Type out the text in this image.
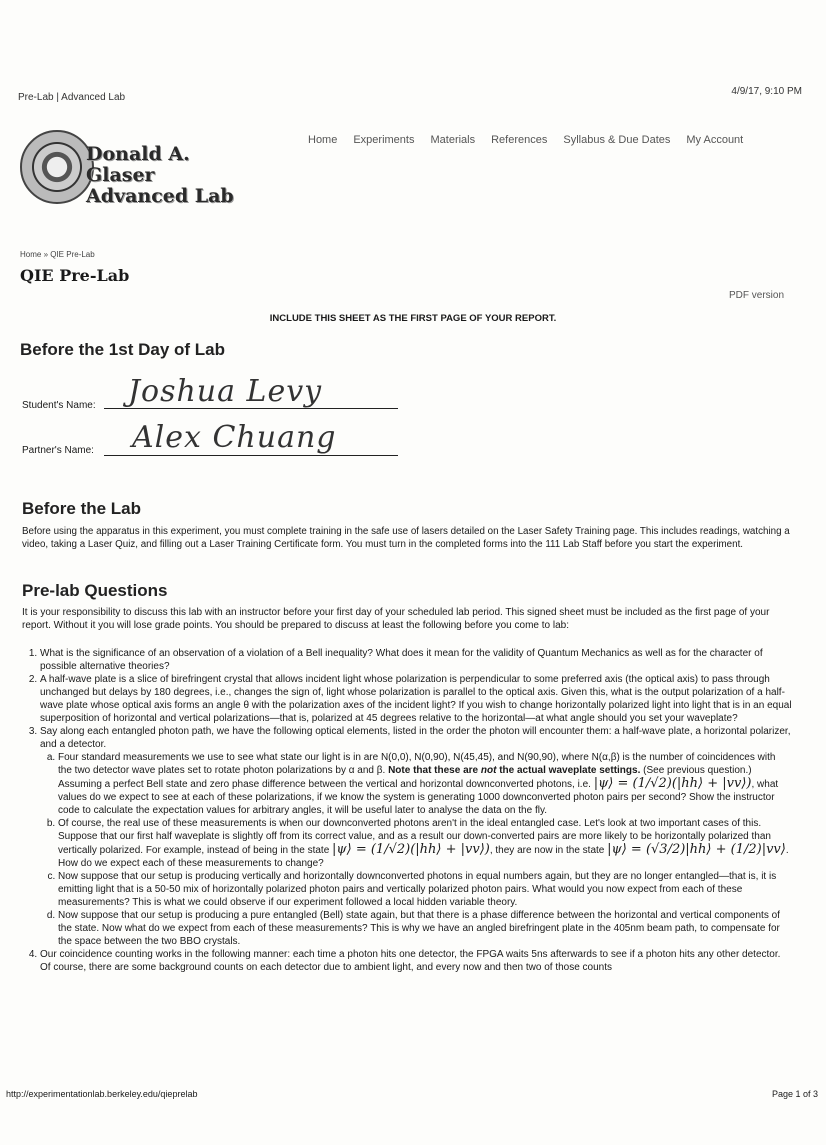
Pre-Lab | Advanced Lab
4/9/17, 9:10 PM
Donald A. Glaser
Advanced Lab
Home Experiments Materials References Syllabus & Due Dates My Account
Home » QIE Pre-Lab
QIE Pre-Lab
PDF version
INCLUDE THIS SHEET AS THE FIRST PAGE OF YOUR REPORT.
Before the 1st Day of Lab
Student's Name: Joshua Levy
Partner's Name: Alex Chuang
Before the Lab
Before using the apparatus in this experiment, you must complete training in the safe use of lasers detailed on the Laser Safety Training page. This includes readings, watching a video, taking a Laser Quiz, and filling out a Laser Training Certificate form. You must turn in the completed forms into the 111 Lab Staff before you start the experiment.
Pre-lab Questions
It is your responsibility to discuss this lab with an instructor before your first day of your scheduled lab period. This signed sheet must be included as the first page of your report. Without it you will lose grade points. You should be prepared to discuss at least the following before you come to lab:
1. What is the significance of an observation of a violation of a Bell inequality? What does it mean for the validity of Quantum Mechanics as well as for the character of possible alternative theories?
2. A half-wave plate is a slice of birefringent crystal that allows incident light whose polarization is perpendicular to some preferred axis (the optical axis) to pass through unchanged but delays by 180 degrees, i.e., changes the sign of, light whose polarization is parallel to the optical axis. Given this, what is the output polarization of a half-wave plate whose optical axis forms an angle θ with the polarization axes of the incident light? If you wish to change horizontally polarized light into light that is in an equal superposition of horizontal and vertical polarizations—that is, polarized at 45 degrees relative to the horizontal—at what angle should you set your waveplate?
3. Say along each entangled photon path, we have the following optical elements, listed in the order the photon will encounter them: a half-wave plate, a horizontal polarizer, and a detector.
a. Four standard measurements we use to see what state our light is in are N(0,0), N(0,90), N(45,45), and N(90,90), where N(α,β) is the number of coincidences with the two detector wave plates set to rotate photon polarizations by α and β. Note that these are not the actual waveplate settings. (See previous question.) Assuming a perfect Bell state and zero phase difference between the vertical and horizontal downconverted photons, i.e. |ψ⟩ = (1/√2)(|hh⟩ + |vv⟩), what values do we expect to see at each of these polarizations, if we know the system is generating 1000 downconverted photon pairs per second? Show the instructor code to calculate the expectation values for arbitrary angles, it will be useful later to analyse the data on the fly.
b. Of course, the real use of these measurements is when our downconverted photons aren't in the ideal entangled case. Let's look at two important cases of this. Suppose that our first half waveplate is slightly off from its correct value, and as a result our down-converted pairs are more likely to be horizontally polarized than vertically polarized. For example, instead of being in the state |ψ⟩ = (1/√2)(|hh⟩ + |vv⟩), they are now in the state |ψ⟩ = (√3/2)|hh⟩ + (1/2)|vv⟩. How do we expect each of these measurements to change?
c. Now suppose that our setup is producing vertically and horizontally downconverted photons in equal numbers again, but they are no longer entangled—that is, it is emitting light that is a 50-50 mix of horizontally polarized photon pairs and vertically polarized photon pairs. What would you now expect from each of these measurements? This is what we could observe if our experiment followed a local hidden variable theory.
d. Now suppose that our setup is producing a pure entangled (Bell) state again, but that there is a phase difference between the horizontal and vertical components of the state. Now what do we expect from each of these measurements? This is why we have an angled birefringent plate in the 405nm beam path, to compensate for the space between the two BBO crystals.
4. Our coincidence counting works in the following manner: each time a photon hits one detector, the FPGA waits 5ns afterwards to see if a photon hits any other detector. Of course, there are some background counts on each detector due to ambient light, and every now and then two of those counts
http://experimentationlab.berkeley.edu/qieprelab	Page 1 of 3
